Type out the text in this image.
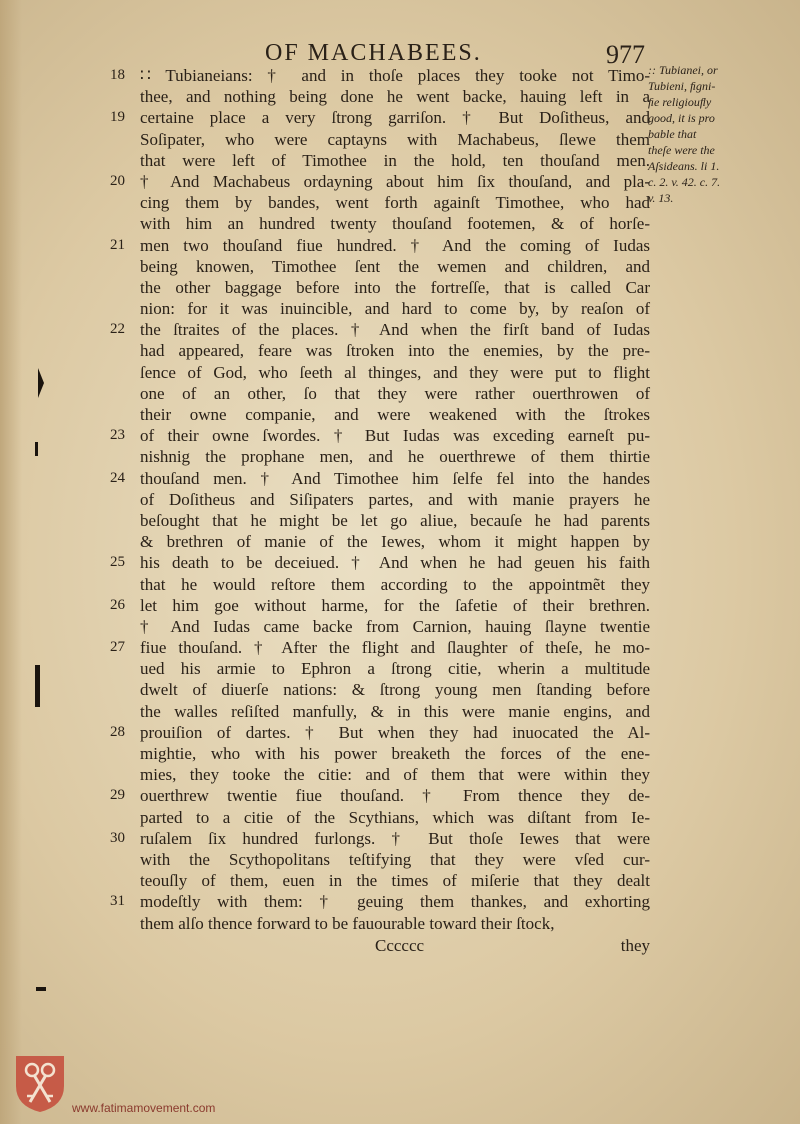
OF MACHABEES.	977
18 ∷ Tubianeians: † and in thoſe places they tooke not Timo-
thee, and nothing being done he went backe, hauing left in a
19 certaine place a very ſtrong garriſon. † But Doſitheus, and
Soſipater, who were captayns with Machabeus, ſlewe them
that were left of Timothee in the hold, ten thouſand men.
20 † And Machabeus ordayning about him ſix thouſand, and pla-
cing them by bandes, went forth againſt Timothee, who had
with him an hundred twenty thouſand footemen, & of horſe-
21 men two thouſand fiue hundred. † And the coming of Iudas
being knowen, Timothee ſent the wemen and children, and
the other baggage before into the fortreſſe, that is called Car
nion: for it was inuincible, and hard to come by, by reaſon of
22 the ſtraites of the places. † And when the firſt band of Iudas
had appeared, feare was ſtroken into the enemies, by the pre-
ſence of God, who ſeeth al thinges, and they were put to flight
one of an other, ſo that they were rather ouerthrowen of
their owne companie, and were weakened with the ſtrokes
23 of their owne ſwordes. † But Iudas was exceding earneſt pu-
nishnig the prophane men, and he ouerthrewe of them thirtie
24 thouſand men. † And Timothee him ſelfe fel into the handes
of Doſitheus and Siſipaters partes, and with manie prayers he
beſought that he might be let go aliue, becauſe he had parents
& brethren of manie of the Iewes, whom it might happen by
25 his death to be deceiued. † And when he had geuen his faith
that he would reſtore them according to the appointmẽt they
26 let him goe without harme, for the ſafetie of their brethren.
† And Iudas came backe from Carnion, hauing ſlayne twentie
27 fiue thouſand. † After the flight and ſlaughter of theſe, he mo-
ued his armie to Ephron a ſtrong citie, wherin a multitude
dwelt of diuerſe nations: & ſtrong young men ſtanding before
the walles reſiſted manfully, & in this were manie engins, and
28 prouiſion of dartes. † But when they had inuocated the Al-
mightie, who with his power breaketh the forces of the ene-
mies, they tooke the citie: and of them that were within they
29 ouerthrew twentie fiue thouſand. † From thence they de-
parted to a citie of the Scythians, which was diſtant from Ie-
30 ruſalem ſix hundred furlongs. † But thoſe Iewes that were
with the Scythopolitans teſtifying that they were vſed cur-
teouſly of them, euen in the times of miſerie that they dealt
31 modeſtly with them: † geuing them thankes, and exhorting
them alſo thence forward to be fauourable toward their ſtock,
Cccccc	they
:: Tubianei, or
Tubieni, ﬁgni-
ﬁe religiouﬂy
good, it is pro
bable that
theſe were the
Aſsideans. li 1.
c. 2. v. 42. c. 7.
v. 13.
www.fatimamovement.com
